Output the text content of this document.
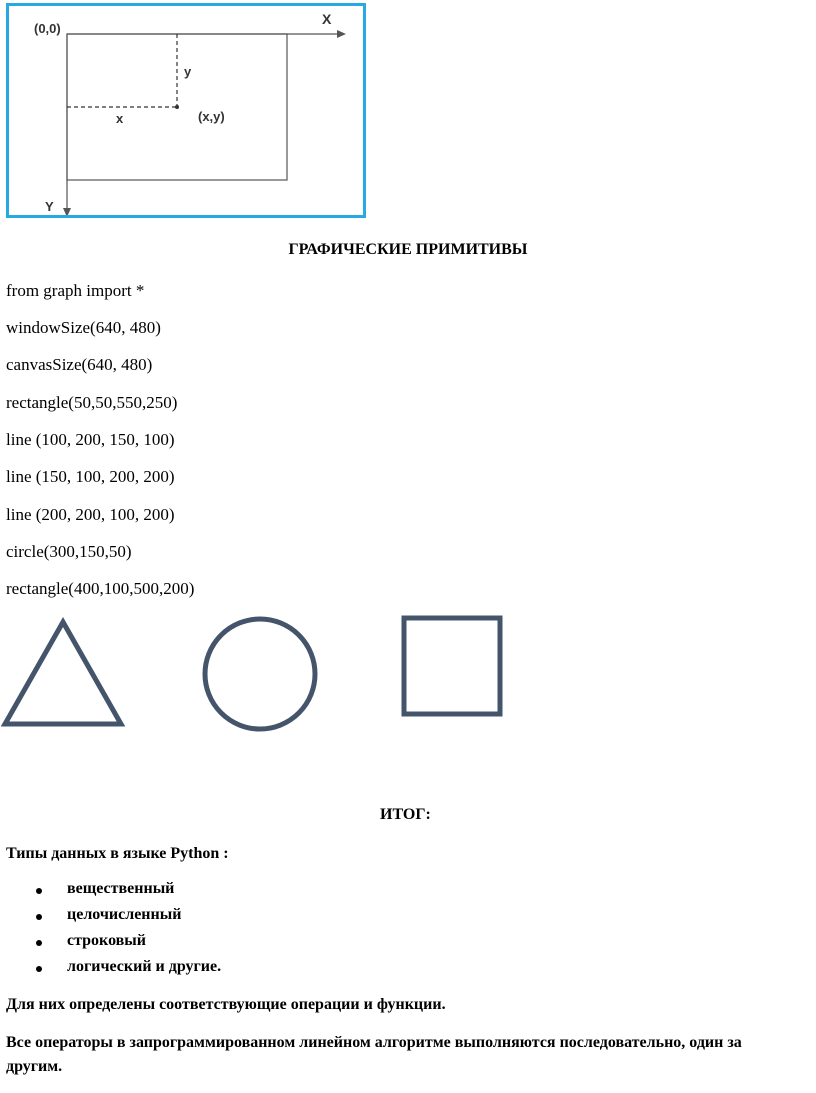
(0,0)
X
Y
y
x	(x,y)
ГРАФИЧЕСКИЕ ПРИМИТИВЫ
from graph import *
windowSize(640, 480)
canvasSize(640, 480)
rectangle(50,50,550,250)
line (100, 200, 150, 100)
line (150, 100, 200, 200)
line (200, 200, 100, 200)
circle(300,150,50)
rectangle(400,100,500,200)
ИТОГ:
Типы данных в языке Python :
вещественный
целочисленный
строковый
логический и другие.
Для них определены соответствующие операции и функции.
Все операторы в запрограммированном линейном алгоритме выполняются последовательно, один за другим.
